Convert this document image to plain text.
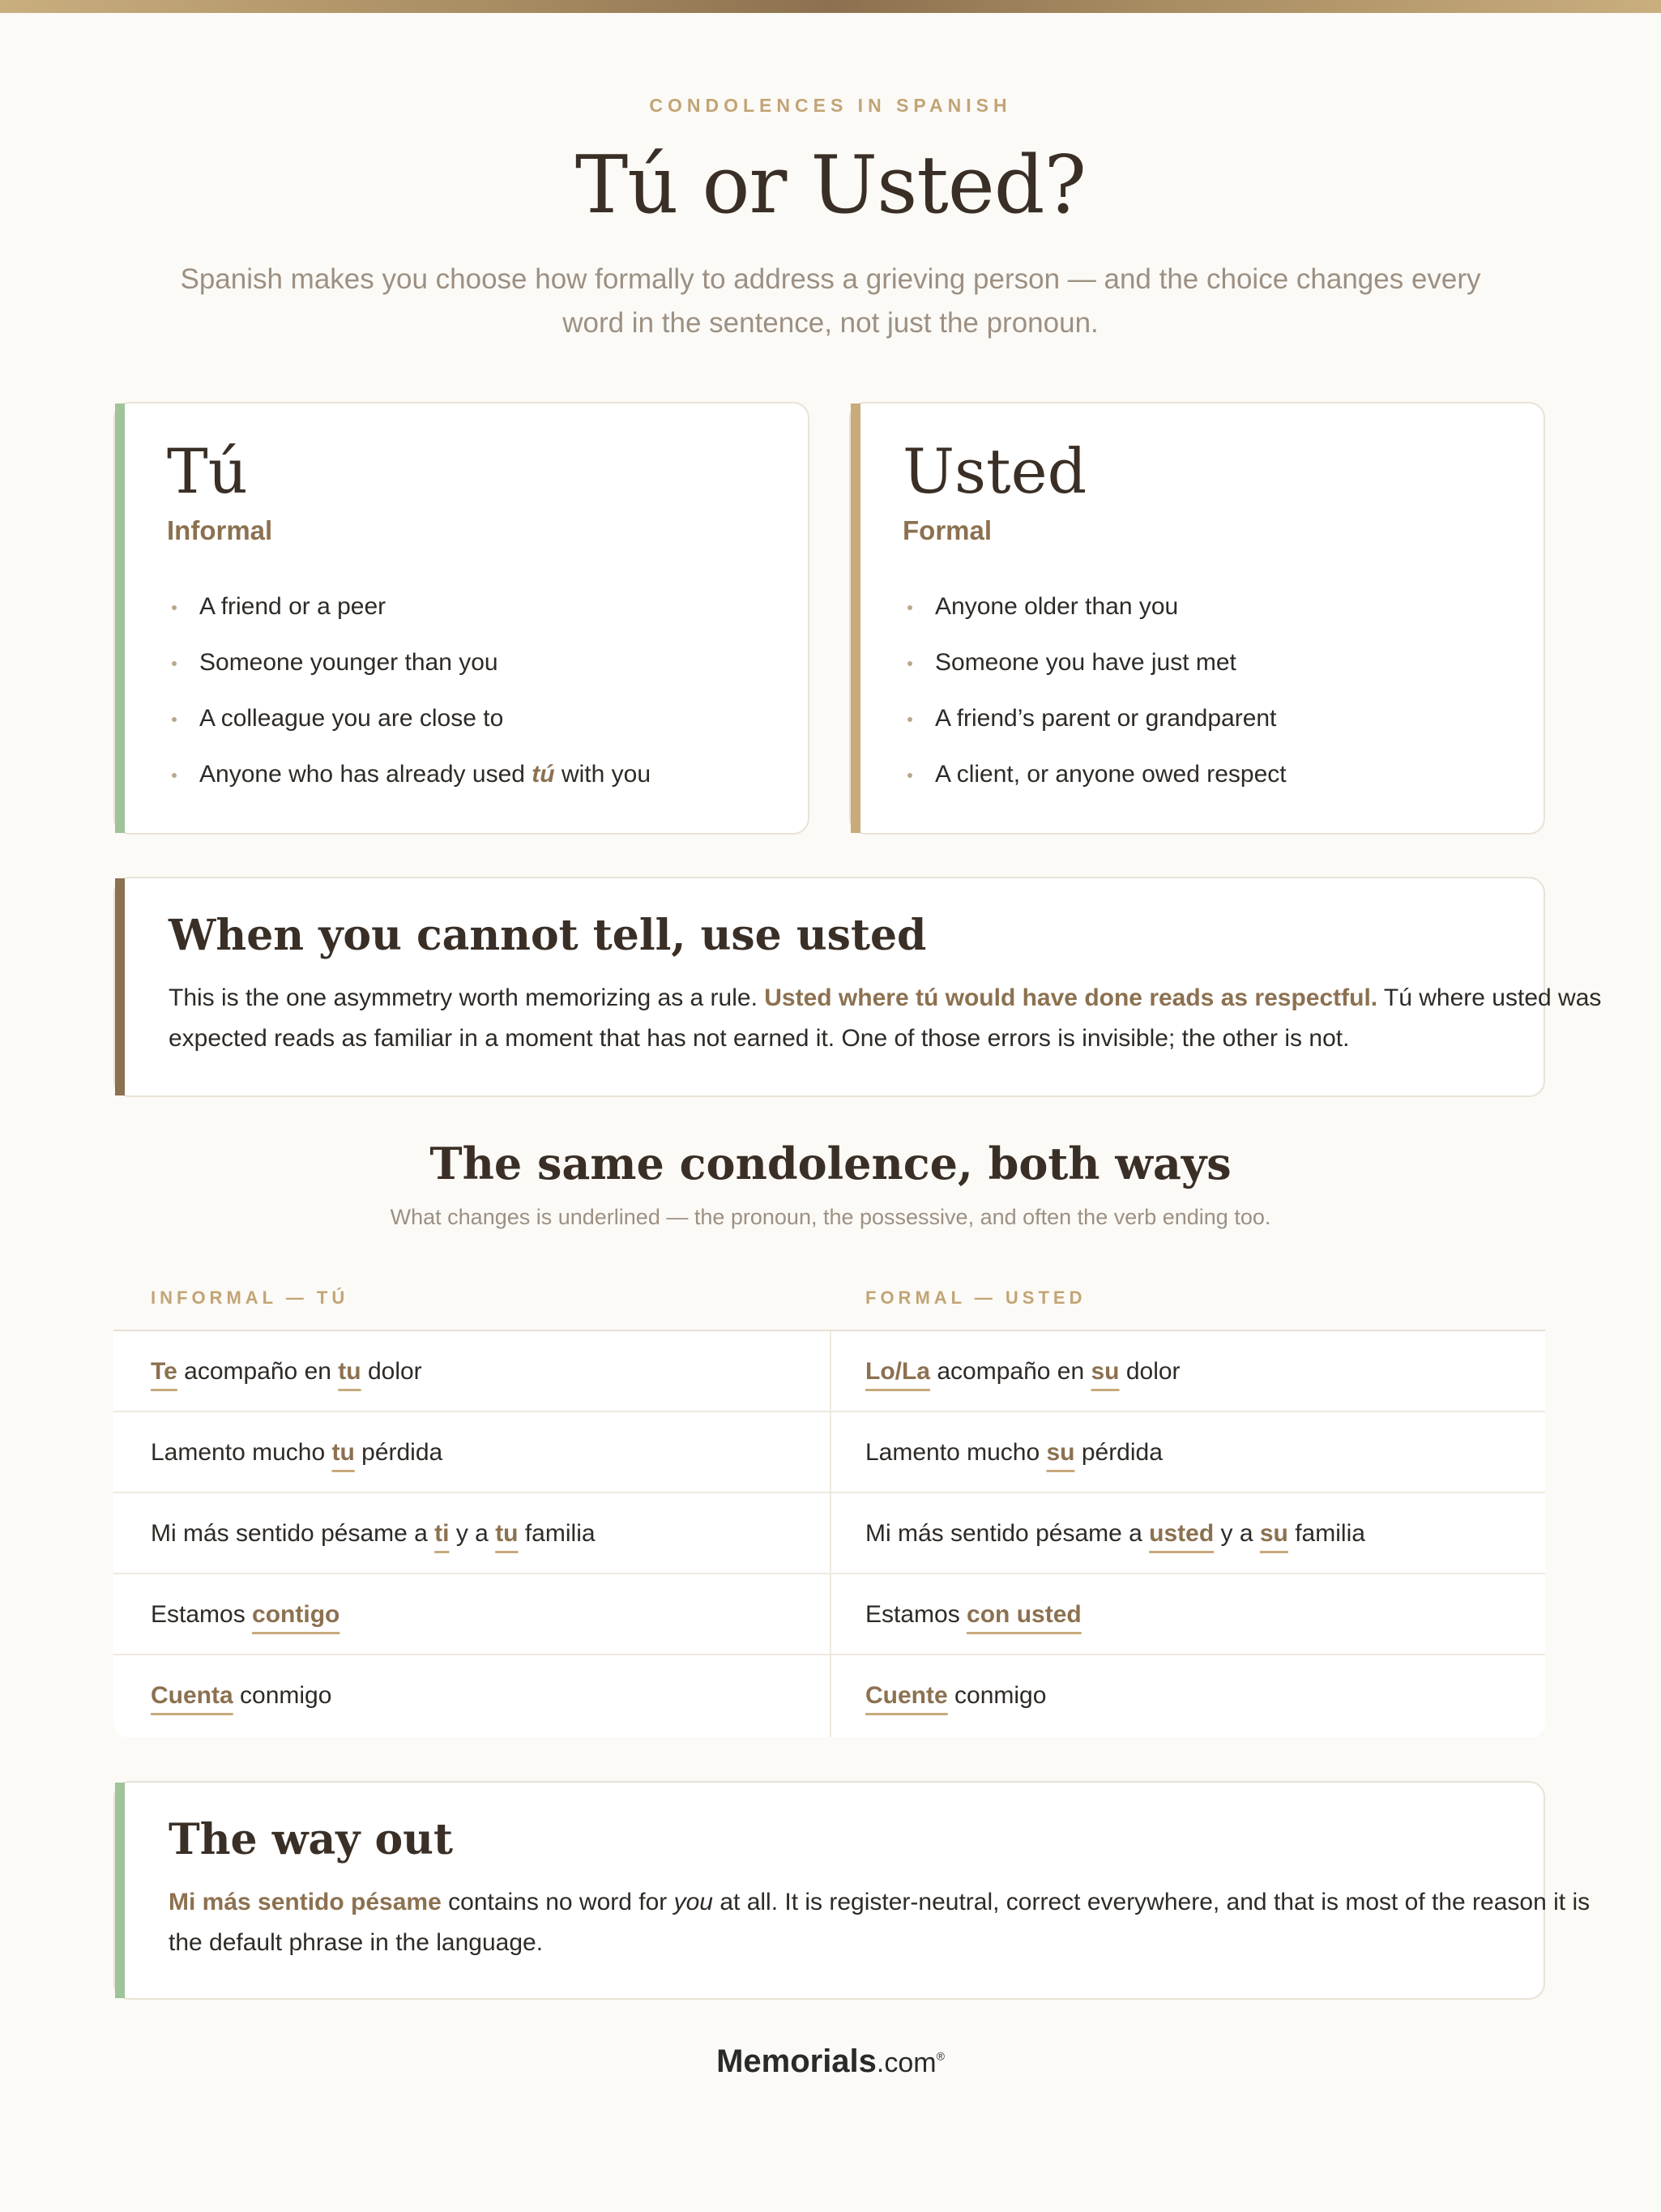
CONDOLENCES IN SPANISH
Tú or Usted?

Spanish makes you choose how formally to address a grieving person — and the choice changes every word in the sentence, not just the pronoun.

Tú
Informal
A friend or a peer
Someone younger than you
A colleague you are close to
Anyone who has already used tú with you
Usted
Formal
Anyone older than you
Someone you have just met
A friend’s parent or grandparent
A client, or anyone owed respect
When you cannot tell, use usted

This is the one asymmetry worth memorizing as a rule. Usted where tú would have done reads as respectful. Tú where usted was expected reads as familiar in a moment that has not earned it. One of those errors is invisible; the other is not.

The same condolence, both ways

What changes is underlined — the pronoun, the possessive, and often the verb ending too.

INFORMAL — TÚ	FORMAL — USTED
Te acompaño en tu dolor	Lo/La acompaño en su dolor
Lamento mucho tu pérdida	Lamento mucho su pérdida
Mi más sentido pésame a ti y a tu familia	Mi más sentido pésame a usted y a su familia
Estamos contigo	Estamos con usted
Cuenta conmigo	Cuente conmigo
The way out

Mi más sentido pésame contains no word for you at all. It is register-neutral, correct everywhere, and that is most of the reason it is the default phrase in the language.

Memorials.com®
